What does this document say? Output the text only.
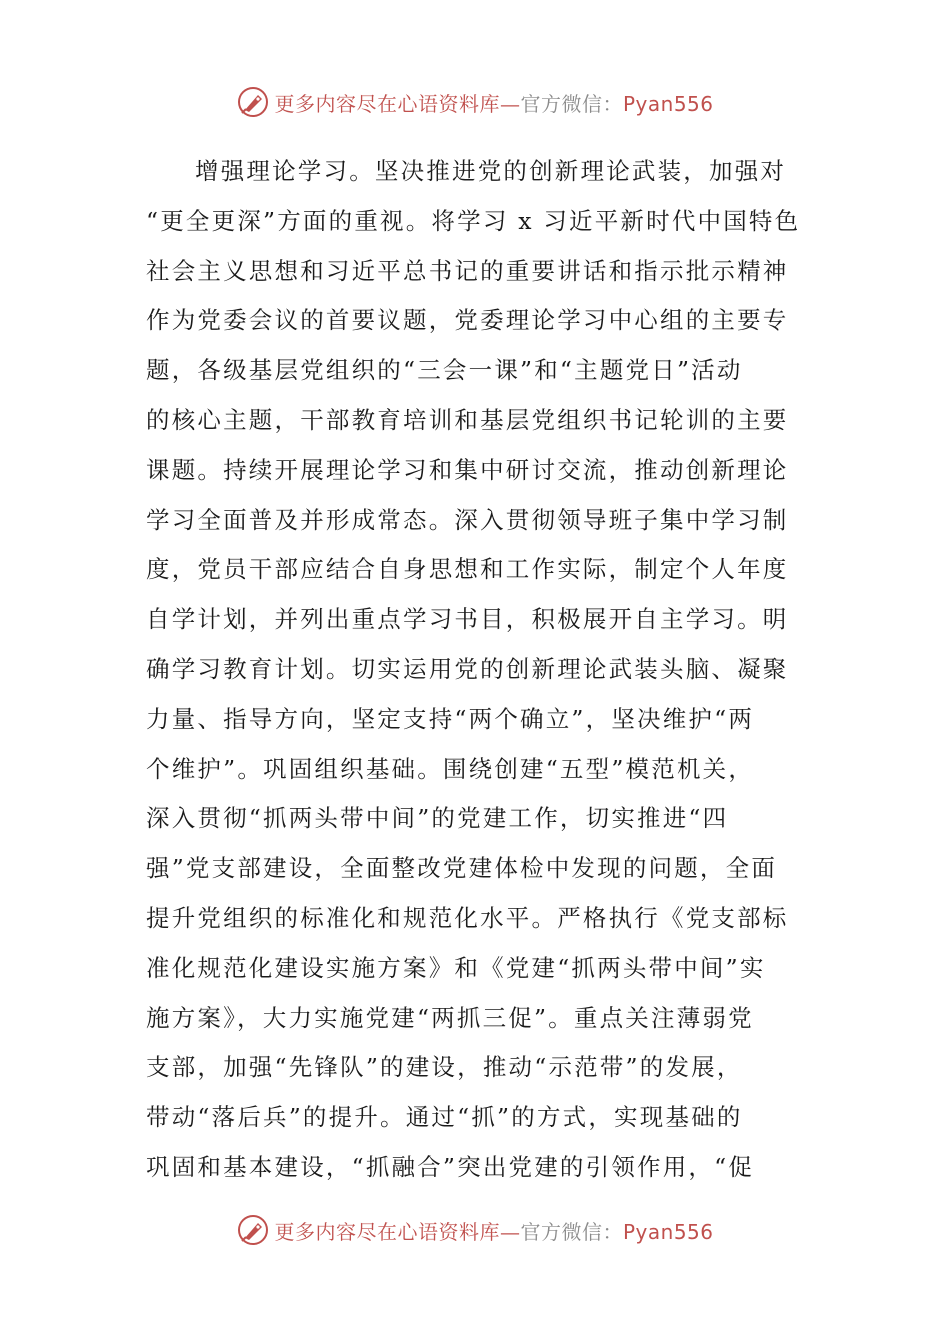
更多内容尽在心语资料库—官方微信：Pyan556
增强理论学习。坚决推进党的创新理论武装，加强对
“更全更深”方面的重视。将学习 x 习近平新时代中国特色
社会主义思想和习近平总书记的重要讲话和指示批示精神
作为党委会议的首要议题，党委理论学习中心组的主要专
题，各级基层党组织的“三会一课”和“主题党日”活动
的核心主题，干部教育培训和基层党组织书记轮训的主要
课题。持续开展理论学习和集中研讨交流，推动创新理论
学习全面普及并形成常态。深入贯彻领导班子集中学习制
度，党员干部应结合自身思想和工作实际，制定个人年度
自学计划，并列出重点学习书目，积极展开自主学习。明
确学习教育计划。切实运用党的创新理论武装头脑、凝聚
力量、指导方向，坚定支持“两个确立”，坚决维护“两
个维护”。巩固组织基础。围绕创建“五型”模范机关，
深入贯彻“抓两头带中间”的党建工作，切实推进“四
强”党支部建设，全面整改党建体检中发现的问题，全面
提升党组织的标准化和规范化水平。严格执行《党支部标
准化规范化建设实施方案》和《党建“抓两头带中间”实
施方案》，大力实施党建“两抓三促”。重点关注薄弱党
支部，加强“先锋队”的建设，推动“示范带”的发展，
带动“落后兵”的提升。通过“抓”的方式，实现基础的
巩固和基本建设，“抓融合”突出党建的引领作用，“促
更多内容尽在心语资料库—官方微信：Pyan556
